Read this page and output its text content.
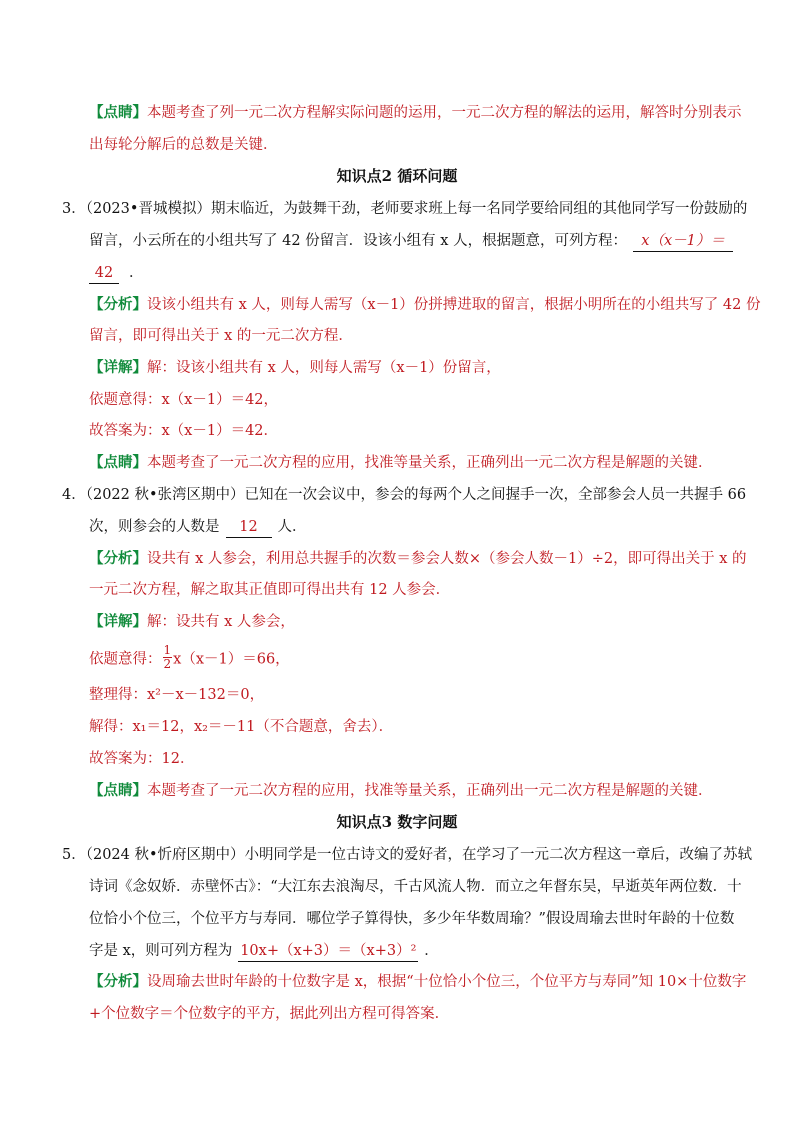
【点睛】本题考查了列一元二次方程解实际问题的运用，一元二次方程的解法的运用，解答时分别表示
出每轮分解后的总数是关键．
知识点2 循环问题
3．（2023•晋城模拟）期末临近，为鼓舞干劲，老师要求班上每一名同学要给同组的其他同学写一份鼓励的
留言，小云所在的小组共写了 42 份留言．设该小组有 x 人，根据题意，可列方程： x（x－1）＝
42 ．
【分析】设该小组共有 x 人，则每人需写（x－1）份拼搏进取的留言，根据小明所在的小组共写了 42 份
留言，即可得出关于 x 的一元二次方程．
【详解】解：设该小组共有 x 人，则每人需写（x－1）份留言，
依题意得：x（x－1）＝42，
故答案为：x（x－1）＝42．
【点睛】本题考查了一元二次方程的应用，找准等量关系，正确列出一元二次方程是解题的关键．
4．（2022 秋•张湾区期中）已知在一次会议中，参会的每两个人之间握手一次，全部参会人员一共握手 66
次，则参会的人数是 12 人．
【分析】设共有 x 人参会，利用总共握手的次数＝参会人数×（参会人数－1）÷2，即可得出关于 x 的
一元二次方程，解之取其正值即可得出共有 12 人参会．
【详解】解：设共有 x 人参会，
依题意得： $\frac{1}{2} x(x-1)=66$，
整理得：x²－x－132＝0，
解得：x₁＝12，x₂＝－11（不合题意，舍去）．
故答案为：12．
【点睛】本题考查了一元二次方程的应用，找准等量关系，正确列出一元二次方程是解题的关键．
知识点3 数字问题
5．（2024 秋•忻府区期中）小明同学是一位古诗文的爱好者，在学习了一元二次方程这一章后，改编了苏轼
诗词《念奴娇．赤壁怀古》：“大江东去浪淘尽，千古风流人物．而立之年督东吴，早逝英年两位数．十
位恰小个位三，个位平方与寿同．哪位学子算得快，多少年华数周瑜？”假设周瑜去世时年龄的十位数
字是 x，则可列方程为 10x+（x+3）＝（x+3）² ．
【分析】设周瑜去世时年龄的十位数字是 x，根据“十位恰小个位三，个位平方与寿同”知 10×十位数字
+个位数字＝个位数字的平方，据此列出方程可得答案．
